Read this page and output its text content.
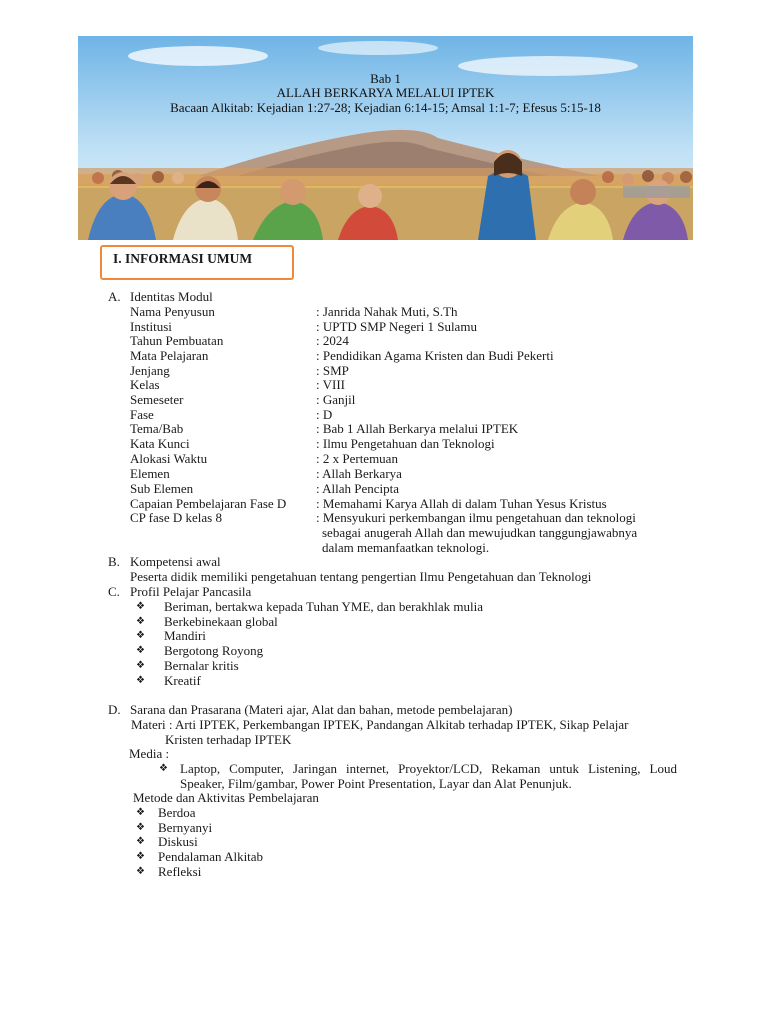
Bab 1
ALLAH BERKARYA MELALUI IPTEK
Bacaan Alkitab: Kejadian 1:27-28; Kejadian 6:14-15; Amsal 1:1-7; Efesus 5:15-18
I. INFORMASI UMUM
A. Identitas Modul
Nama Penyusun	: Janrida Nahak Muti, S.Th
Institusi	: UPTD SMP Negeri 1 Sulamu
Tahun Pembuatan	: 2024
Mata Pelajaran	: Pendidikan Agama Kristen dan Budi Pekerti
Jenjang	: SMP
Kelas	: VIII
Semeseter	: Ganjil
Fase	: D
Tema/Bab	: Bab 1 Allah Berkarya melalui IPTEK
Kata Kunci	: Ilmu Pengetahuan dan Teknologi
Alokasi Waktu	: 2 x Pertemuan
Elemen	: Allah Berkarya
Sub Elemen	: Allah Pencipta
Capaian Pembelajaran Fase D : Memahami Karya Allah di dalam Tuhan Yesus Kristus
CP fase D kelas 8	: Mensyukuri perkembangan ilmu pengetahuan dan teknologi
sebagai anugerah Allah dan mewujudkan tanggungjawabnya
dalam memanfaatkan teknologi.
B. Kompetensi awal
Peserta didik memiliki pengetahuan tentang pengertian Ilmu Pengetahuan dan Teknologi
C. Profil Pelajar Pancasila
❖ Beriman, bertakwa kepada Tuhan YME, dan berakhlak mulia
❖ Berkebinekaan global
❖ Mandiri
❖ Bergotong Royong
❖ Bernalar kritis
❖ Kreatif
D. Sarana dan Prasarana (Materi ajar, Alat dan bahan, metode pembelajaran)
Materi : Arti IPTEK, Perkembangan IPTEK, Pandangan Alkitab terhadap IPTEK, Sikap Pelajar
Kristen terhadap IPTEK
Media :
❖ Laptop, Computer, Jaringan internet, Proyektor/LCD, Rekaman untuk Listening, Loud
Speaker, Film/gambar, Power Point Presentation, Layar dan Alat Penunjuk.
Metode dan Aktivitas Pembelajaran
❖ Berdoa
❖ Bernyanyi
❖ Diskusi
❖ Pendalaman Alkitab
❖ Refleksi
